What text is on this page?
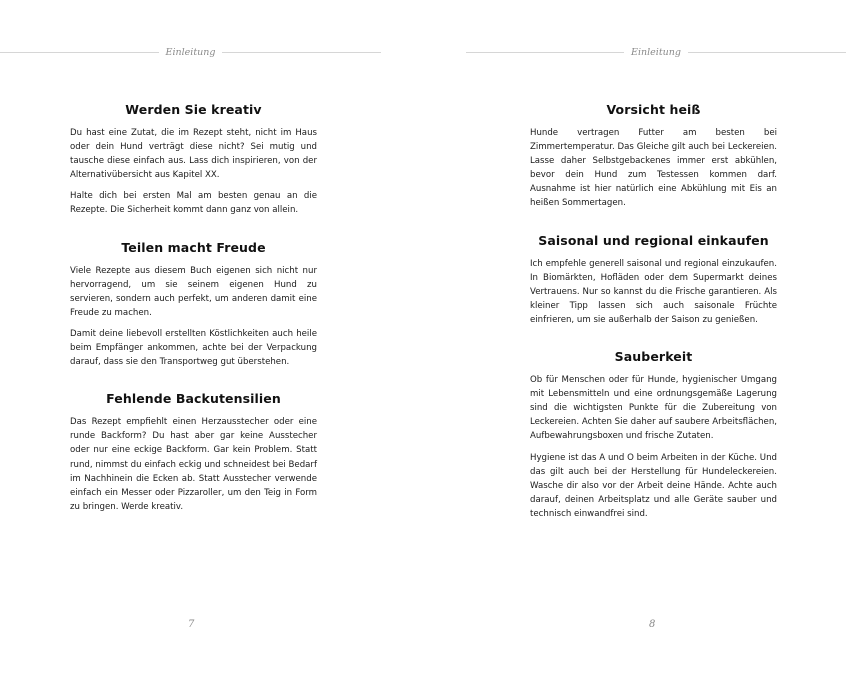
Einleitung
Werden Sie kreativ

Du hast eine Zutat, die im Rezept steht, nicht im Haus oder dein Hund verträgt diese nicht? Sei mutig und tausche diese einfach aus. Lass dich inspirieren, von der Alternativübersicht aus Kapitel XX.

Halte dich bei ersten Mal am besten genau an die Rezepte. Die Sicherheit kommt dann ganz von allein.

Teilen macht Freude

Viele Rezepte aus diesem Buch eigenen sich nicht nur hervorragend, um sie seinem eigenen Hund zu servieren, sondern auch perfekt, um anderen damit eine Freude zu machen.

Damit deine liebevoll erstellten Köstlichkeiten auch heile beim Empfänger ankommen, achte bei der Verpackung darauf, dass sie den Transportweg gut überstehen.

Fehlende Backutensilien

Das Rezept empfiehlt einen Herzausstecher oder eine runde Backform? Du hast aber gar keine Ausstecher oder nur eine eckige Backform. Gar kein Problem. Statt rund, nimmst du einfach eckig und schneidest bei Bedarf im Nachhinein die Ecken ab. Statt Ausstecher verwende einfach ein Messer oder Pizzaroller, um den Teig in Form zu bringen. Werde kreativ.

7
Einleitung
Vorsicht heiß

Hunde vertragen Futter am besten bei Zimmertemperatur. Das Gleiche gilt auch bei Leckereien. Lasse daher Selbstgebackenes immer erst abkühlen, bevor dein Hund zum Testessen kommen darf. Ausnahme ist hier natürlich eine Abkühlung mit Eis an heißen Sommertagen.

Saisonal und regional einkaufen

Ich empfehle generell saisonal und regional einzukaufen. In Biomärkten, Hofläden oder dem Supermarkt deines Vertrauens. Nur so kannst du die Frische garantieren. Als kleiner Tipp lassen sich auch saisonale Früchte einfrieren, um sie außerhalb der Saison zu genießen.

Sauberkeit

Ob für Menschen oder für Hunde, hygienischer Umgang mit Lebensmitteln und eine ordnungsgemäße Lagerung sind die wichtigsten Punkte für die Zubereitung von Leckereien. Achten Sie daher auf saubere Arbeitsflächen, Aufbewahrungsboxen und frische Zutaten.

Hygiene ist das A und O beim Arbeiten in der Küche. Und das gilt auch bei der Herstellung für Hundeleckereien. Wasche dir also vor der Arbeit deine Hände. Achte auch darauf, deinen Arbeitsplatz und alle Geräte sauber und technisch einwandfrei sind.

8
